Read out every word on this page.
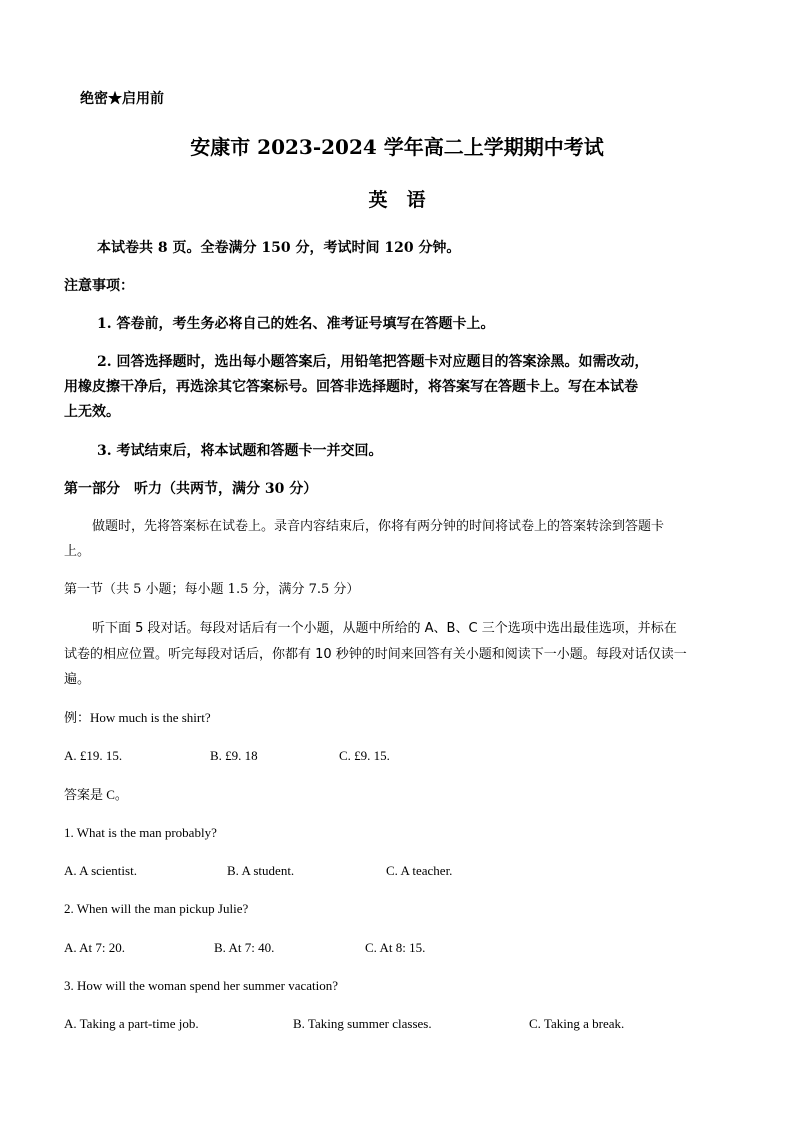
绝密★启用前
安康市 2023-2024 学年高二上学期期中考试
英　语
本试卷共 8 页。全卷满分 150 分，考试时间 120 分钟。
注意事项：
1. 答卷前，考生务必将自己的姓名、准考证号填写在答题卡上。
2. 回答选择题时，选出每小题答案后，用铅笔把答题卡对应题目的答案涂黑。如需改动，
用橡皮擦干净后，再选涂其它答案标号。回答非选择题时，将答案写在答题卡上。写在本试卷
上无效。
3. 考试结束后，将本试题和答题卡一并交回。
第一部分　听力（共两节，满分 30 分）
做题时，先将答案标在试卷上。录音内容结束后，你将有两分钟的时间将试卷上的答案转涂到答题卡
上。
第一节（共 5 小题；每小题 1.5 分，满分 7.5 分）
听下面 5 段对话。每段对话后有一个小题，从题中所给的 A、B、C 三个选项中选出最佳选项，并标在
试卷的相应位置。听完每段对话后，你都有 10 秒钟的时间来回答有关小题和阅读下一小题。每段对话仅读一
遍。
例：How much is the shirt?
A. £19. 15.	B. £9. 18	C. £9. 15.
答案是 C。
1. What is the man probably?
A. A scientist.	B. A student.	C. A teacher.
2. When will the man pickup Julie?
A. At 7: 20.	B. At 7: 40.	C. At 8: 15.
3. How will the woman spend her summer vacation?
A. Taking a part-time job.	B. Taking summer classes.	C. Taking a break.
